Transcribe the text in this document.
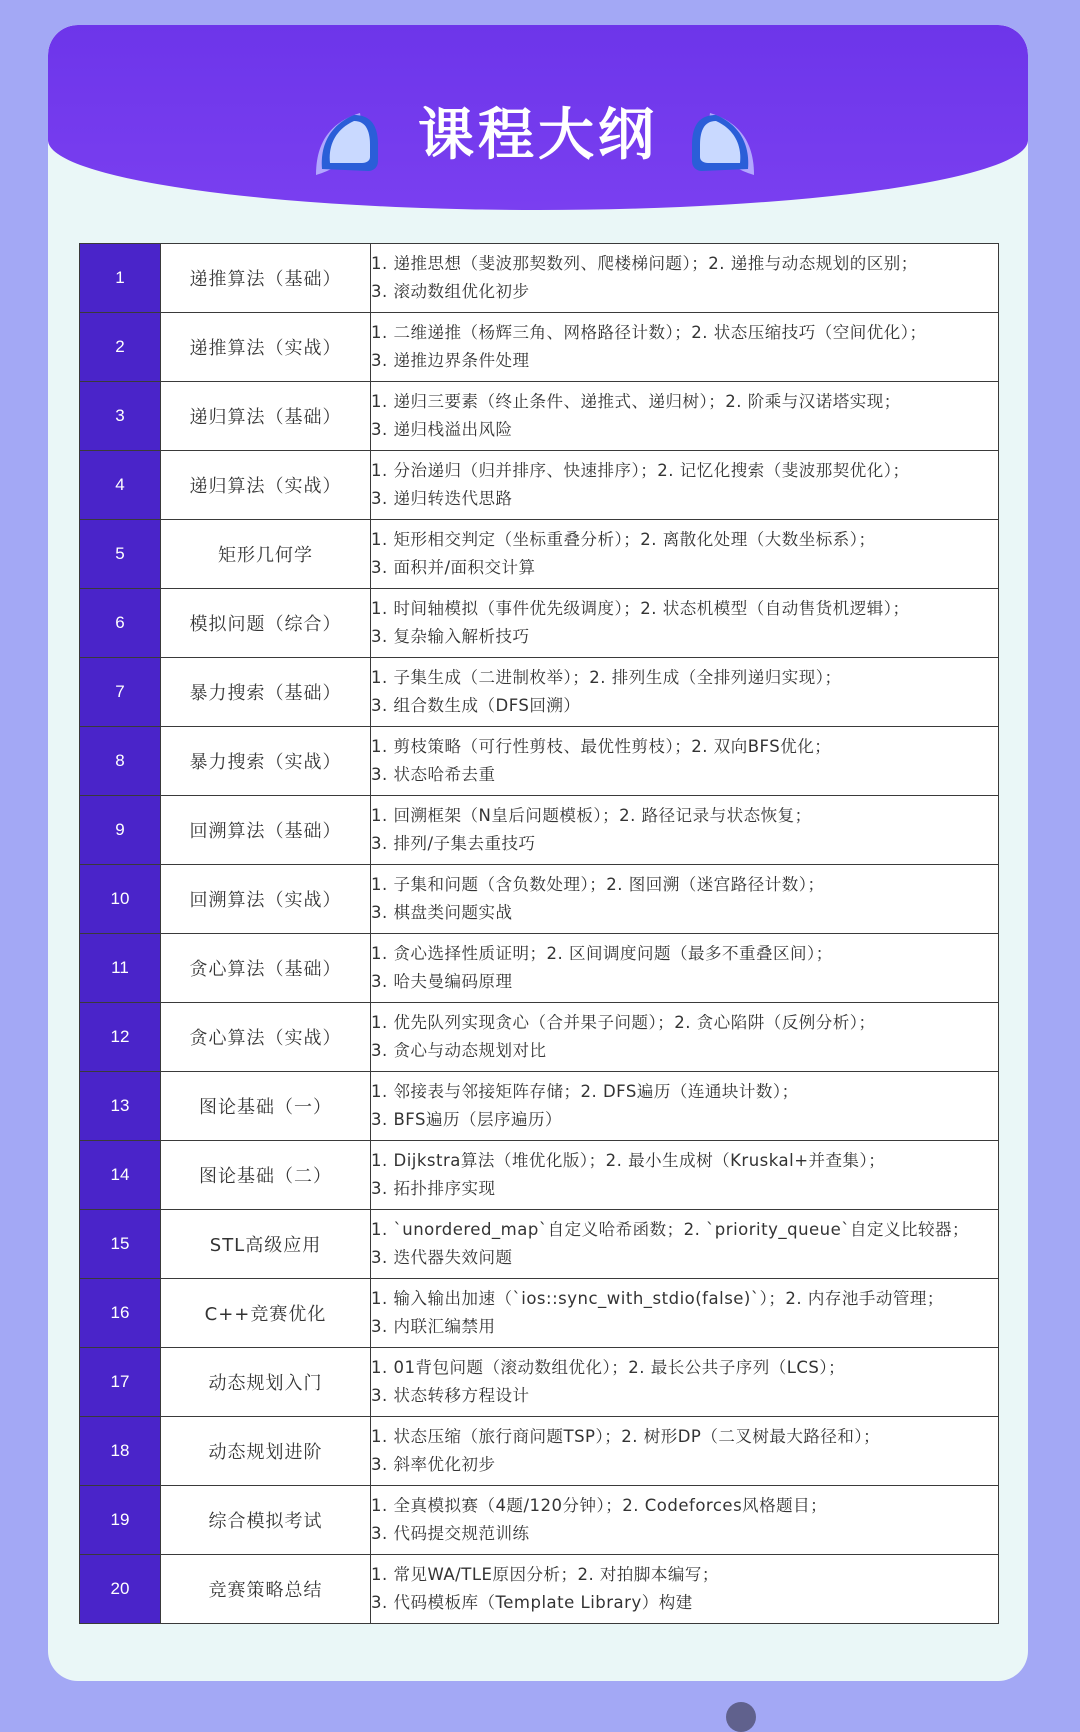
课程大纲
1	递推算法（基础）	1. 递推思想（斐波那契数列、爬楼梯问题）；2. 递推与动态规划的区别；
3. 滚动数组优化初步

2	递推算法（实战）	1. 二维递推（杨辉三角、网格路径计数）；2. 状态压缩技巧（空间优化）；
3. 递推边界条件处理

3	递归算法（基础）	1. 递归三要素（终止条件、递推式、递归树）；2. 阶乘与汉诺塔实现；
3. 递归栈溢出风险

4	递归算法（实战）	1. 分治递归（归并排序、快速排序）；2. 记忆化搜索（斐波那契优化）；
3. 递归转迭代思路

5	矩形几何学	1. 矩形相交判定（坐标重叠分析）；2. 离散化处理（大数坐标系）；
3. 面积并/面积交计算

6	模拟问题（综合）	1. 时间轴模拟（事件优先级调度）；2. 状态机模型（自动售货机逻辑）；
3. 复杂输入解析技巧

7	暴力搜索（基础）	1. 子集生成（二进制枚举）；2. 排列生成（全排列递归实现）；
3. 组合数生成（DFS回溯）

8	暴力搜索（实战）	1. 剪枝策略（可行性剪枝、最优性剪枝）；2. 双向BFS优化；
3. 状态哈希去重

9	回溯算法（基础）	1. 回溯框架（N皇后问题模板）；2. 路径记录与状态恢复；
3. 排列/子集去重技巧

10	回溯算法（实战）	1. 子集和问题（含负数处理）；2. 图回溯（迷宫路径计数）；
3. 棋盘类问题实战

11	贪心算法（基础）	1. 贪心选择性质证明；2. 区间调度问题（最多不重叠区间）；
3. 哈夫曼编码原理

12	贪心算法（实战）	1. 优先队列实现贪心（合并果子问题）；2. 贪心陷阱（反例分析）；
3. 贪心与动态规划对比

13	图论基础（一）	1. 邻接表与邻接矩阵存储；2. DFS遍历（连通块计数）；
3. BFS遍历（层序遍历）

14	图论基础（二）	1. Dijkstra算法（堆优化版）；2. 最小生成树（Kruskal+并查集）；
3. 拓扑排序实现

15	STL高级应用	1. `unordered_map`自定义哈希函数；2. `priority_queue`自定义比较器；
3. 迭代器失效问题

16	C++竞赛优化	1. 输入输出加速（`ios::sync_with_stdio(false)`）；2. 内存池手动管理；
3. 内联汇编禁用

17	动态规划入门	1. 01背包问题（滚动数组优化）；2. 最长公共子序列（LCS）；
3. 状态转移方程设计

18	动态规划进阶	1. 状态压缩（旅行商问题TSP）；2. 树形DP（二叉树最大路径和）；
3. 斜率优化初步

19	综合模拟考试	1. 全真模拟赛（4题/120分钟）；2. Codeforces风格题目；
3. 代码提交规范训练

20	竞赛策略总结	1. 常见WA/TLE原因分析；2. 对拍脚本编写；
3. 代码模板库（Template Library）构建
